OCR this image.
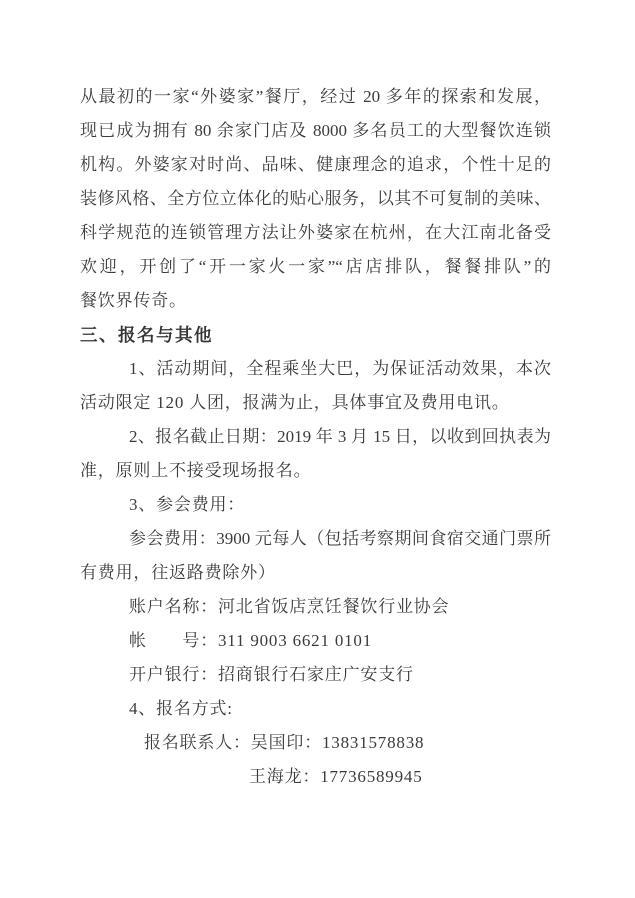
从最初的一家“外婆家”餐厅，经过 20 多年的探索和发展，
现已成为拥有 80 余家门店及 8000 多名员工的大型餐饮连锁
机构。外婆家对时尚、品味、健康理念的追求，个性十足的
装修风格、全方位立体化的贴心服务，以其不可复制的美味、
科学规范的连锁管理方法让外婆家在杭州，在大江南北备受
欢迎，开创了“开一家火一家”“店店排队，餐餐排队”的
餐饮界传奇。
三、报名与其他
1、活动期间，全程乘坐大巴，为保证活动效果，本次
活动限定 120 人团，报满为止，具体事宜及费用电讯。
2、报名截止日期：2019 年 3 月 15 日，以收到回执表为
准，原则上不接受现场报名。
3、参会费用：
参会费用：3900 元每人（包括考察期间食宿交通门票所
有费用，往返路费除外）
账户名称：河北省饭店烹饪餐饮行业协会
帐　　号：311 9003 6621 0101
开户银行：招商银行石家庄广安支行
4、报名方式:
报名联系人：吴国印：13831578838
王海龙：17736589945
